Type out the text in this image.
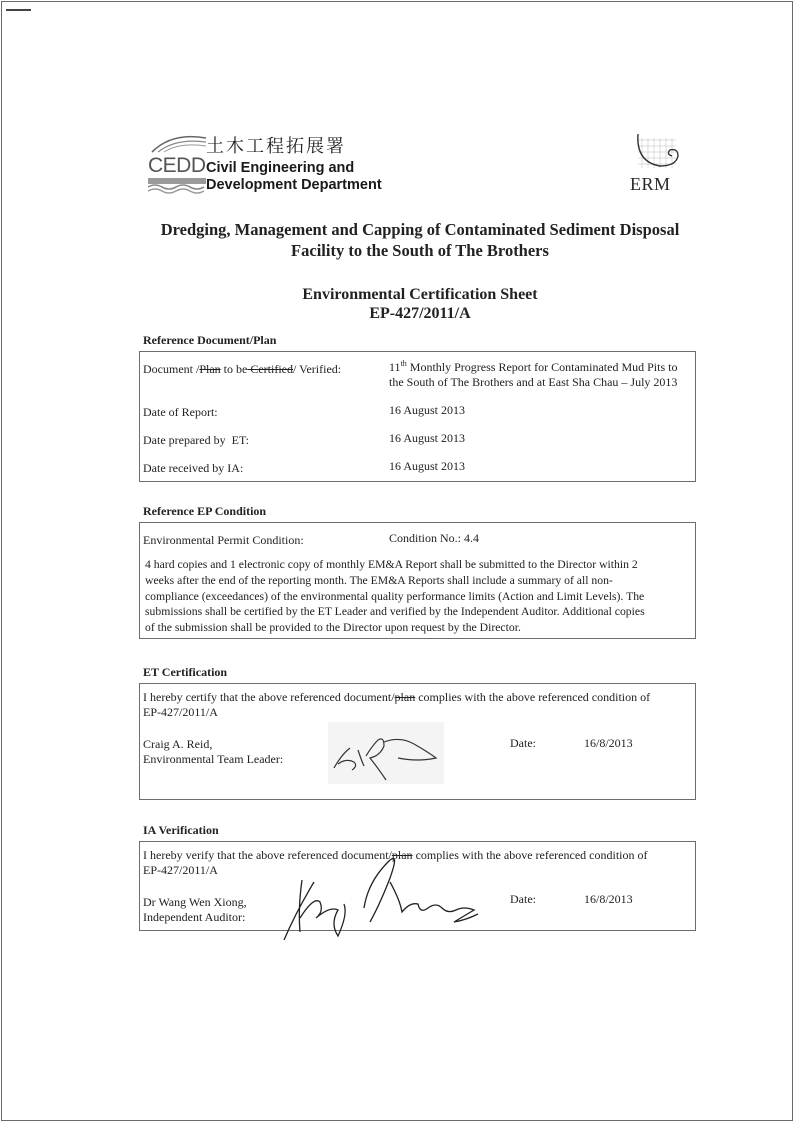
CEDD
土木工程拓展署
Civil Engineering and
Development Department	ERM
Dredging, Management and Capping of Contaminated Sediment Disposal
Facility to the South of The Brothers
Environmental Certification Sheet
EP-427/2011/A
Reference Document/Plan
Document /Plan to be Certified/ Verified:	11th Monthly Progress Report for Contaminated Mud Pits to
the South of The Brothers and at East Sha Chau – July 2013
Date of Report:	16 August 2013
Date prepared by  ET:	16 August 2013
Date received by IA:	16 August 2013
Reference EP Condition
Environmental Permit Condition:	Condition No.: 4.4
4 hard copies and 1 electronic copy of monthly EM&A Report shall be submitted to the Director within 2
weeks after the end of the reporting month. The EM&A Reports shall include a summary of all non-
compliance (exceedances) of the environmental quality performance limits (Action and Limit Levels). The
submissions shall be certified by the ET Leader and verified by the Independent Auditor. Additional copies
of the submission shall be provided to the Director upon request by the Director.
ET Certification
I hereby certify that the above referenced document/plan complies with the above referenced condition of
EP-427/2011/A
Craig A. Reid,
Environmental Team Leader:
Date:	16/8/2013
IA Verification
I hereby verify that the above referenced document/plan complies with the above referenced condition of
EP-427/2011/A
Dr Wang Wen Xiong,
Independent Auditor:
Date:	16/8/2013
